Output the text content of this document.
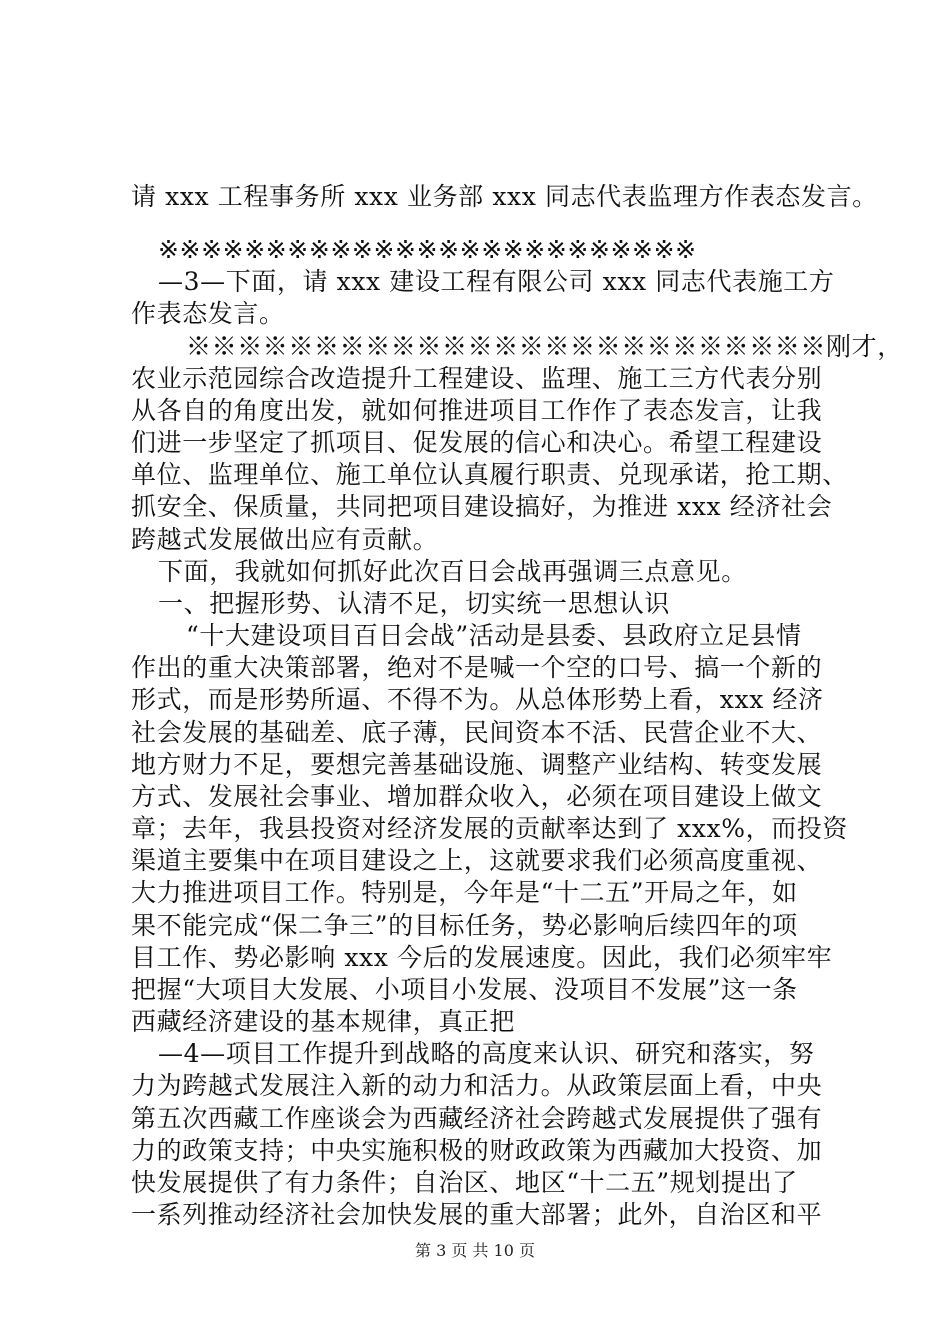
请 xxx 工程事务所 xxx 业务部 xxx 同志代表监理方作表态发言。
※※※※※※※※※※※※※※※※※※※※※※※※※
—3—下面，请 xxx 建设工程有限公司 xxx 同志代表施工方
作表态发言。
※※※※※※※※※※※※※※※※※※※※※※※※※刚才，
农业示范园综合改造提升工程建设、监理、施工三方代表分别
从各自的角度出发，就如何推进项目工作作了表态发言，让我
们进一步坚定了抓项目、促发展的信心和决心。希望工程建设
单位、监理单位、施工单位认真履行职责、兑现承诺，抢工期、
抓安全、保质量，共同把项目建设搞好，为推进 xxx 经济社会
跨越式发展做出应有贡献。
下面，我就如何抓好此次百日会战再强调三点意见。
一、把握形势、认清不足，切实统一思想认识
“十大建设项目百日会战”活动是县委、县政府立足县情
作出的重大决策部署，绝对不是喊一个空的口号、搞一个新的
形式，而是形势所逼、不得不为。从总体形势上看，xxx 经济
社会发展的基础差、底子薄，民间资本不活、民营企业不大、
地方财力不足，要想完善基础设施、调整产业结构、转变发展
方式、发展社会事业、增加群众收入，必须在项目建设上做文
章；去年，我县投资对经济发展的贡献率达到了 xxx%，而投资
渠道主要集中在项目建设之上，这就要求我们必须高度重视、
大力推进项目工作。特别是，今年是“十二五”开局之年，如
果不能完成“保二争三”的目标任务，势必影响后续四年的项
目工作、势必影响 xxx 今后的发展速度。因此，我们必须牢牢
把握“大项目大发展、小项目小发展、没项目不发展”这一条
西藏经济建设的基本规律，真正把
—4—项目工作提升到战略的高度来认识、研究和落实，努
力为跨越式发展注入新的动力和活力。从政策层面上看，中央
第五次西藏工作座谈会为西藏经济社会跨越式发展提供了强有
力的政策支持；中央实施积极的财政政策为西藏加大投资、加
快发展提供了有力条件；自治区、地区“十二五”规划提出了
一系列推动经济社会加快发展的重大部署；此外，自治区和平
第 3 页 共 10 页
